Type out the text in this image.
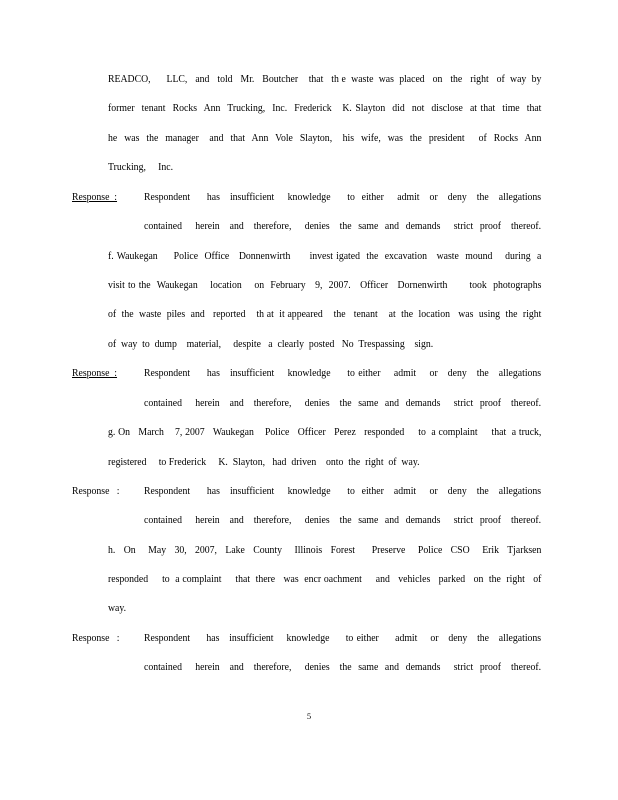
READCO,      LLC,   and   told   Mr.   Boutcher    that   th e  waste  was  placed   on   the   right   of  way  by
former  tenant  Rocks  Ann  Trucking,  Inc.  Frederick   K. Slayton  did  not  disclose  at that  time  that
he  was  the  manager   and  that  Ann  Vole  Slayton,   his  wife,  was  the  president    of  Rocks  Ann
Trucking,     Inc.
Response  :	Respondent     has   insufficient    knowledge     to  either    admit   or   deny   the   allegations
contained    herein   and   therefore,    denies   the  same  and  demands    strict  proof   thereof.
f. Waukegan     Police  Office   Donnenwirth      invest igated  the  excavation   waste  mound    during  a
visit to the  Waukegan    location    on  February   9,  2007.   Officer   Dornenwirth       took  photographs
of  the  waste  piles  and   reported    th at  it appeared    the   tenant    at  the  location   was  using  the  right
of  way  to  dump    material,     despite   a  clearly  posted   No  Trespassing    sign.
Response  :	Respondent     has   insufficient    knowledge     to either    admit    or   deny   the   allegations
contained    herein   and   therefore,    denies   the  same  and  demands    strict  proof   thereof.
g. On   March    7, 2007   Waukegan    Police   Officer   Perez   responded     to  a complaint     that  a truck,
registered     to Frederick     K.  Slayton,   had  driven    onto  the  right  of  way.
Response   : Respondent     has   insufficient    knowledge     to  either   admit    or   deny   the   allegations
contained    herein   and   therefore,    denies   the  same  and  demands    strict  proof   thereof.
h.  On   May  30,  2007,  Lake  County   Illinois  Forest    Preserve   Police  CSO   Erik  Tjarksen
responded     to  a complaint     that  there   was  encr oachment     and   vehicles   parked   on  the  right   of
way.
Response   : Respondent     has   insufficient    knowledge     to either     admit    or   deny   the   allegations
contained    herein   and   therefore,    denies   the  same  and  demands    strict  proof   thereof.
5
